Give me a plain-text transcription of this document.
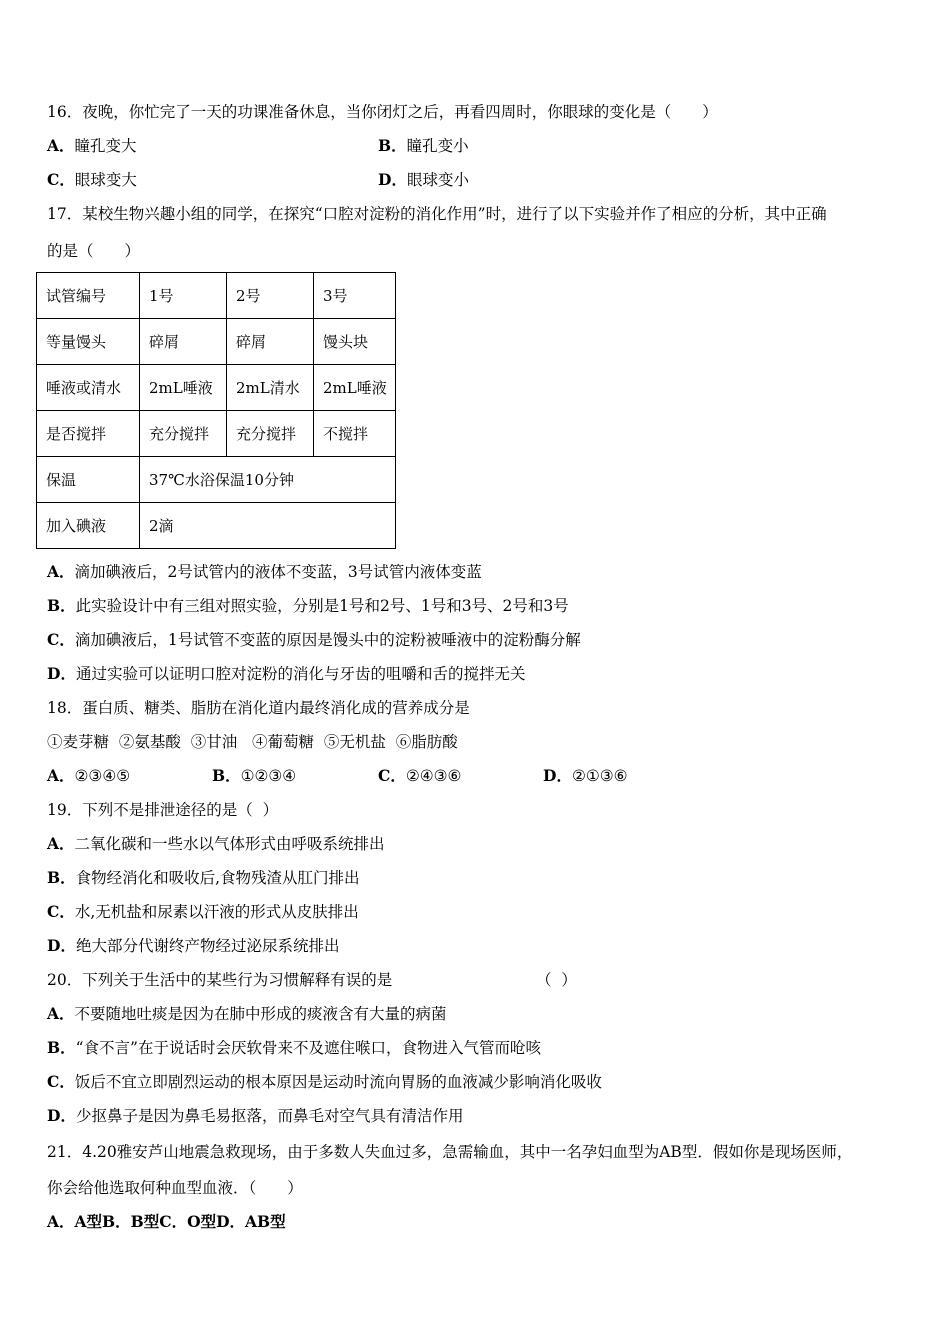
16．夜晚，你忙完了一天的功课准备休息，当你闭灯之后，再看四周时，你眼球的变化是（　　）
A．瞳孔变大	B．瞳孔变小
C．眼球变大	D．眼球变小
17．某校生物兴趣小组的同学，在探究“口腔对淀粉的消化作用”时，进行了以下实验并作了相应的分析，其中正确
的是（　　）
试管编号	1号	2号	3号
等量馒头	碎屑	碎屑	馒头块
唾液或清水	2mL唾液	2mL清水	2mL唾液
是否搅拌	充分搅拌	充分搅拌	不搅拌
保温	37℃水浴保温10分钟		
加入碘液	2滴		
A．滴加碘液后，2号试管内的液体不变蓝，3号试管内液体变蓝
B．此实验设计中有三组对照实验，分别是1号和2号、1号和3号、2号和3号
C．滴加碘液后，1号试管不变蓝的原因是馒头中的淀粉被唾液中的淀粉酶分解
D．通过实验可以证明口腔对淀粉的消化与牙齿的咀嚼和舌的搅拌无关
18．蛋白质、糖类、脂肪在消化道内最终消化成的营养成分是
①麦芽糖  ②氨基酸  ③甘油   ④葡萄糖  ⑤无机盐  ⑥脂肪酸
A．②③④⑤	B．①②③④	C．②④③⑥	D．②①③⑥
19．下列不是排泄途径的是（  ）
A．二氧化碳和一些水以气体形式由呼吸系统排出
B．食物经消化和吸收后,食物残渣从肛门排出
C．水,无机盐和尿素以汗液的形式从皮肤排出
D．绝大部分代谢终产物经过泌尿系统排出
20．下列关于生活中的某些行为习惯解释有误的是	（  ）
A．不要随地吐痰是因为在肺中形成的痰液含有大量的病菌
B．“食不言”在于说话时会厌软骨来不及遮住喉口，食物进入气管而呛咳
C．饭后不宜立即剧烈运动的根本原因是运动时流向胃肠的血液减少影响消化吸收
D．少抠鼻子是因为鼻毛易抠落，而鼻毛对空气具有清洁作用
21．4.20雅安芦山地震急救现场，由于多数人失血过多，急需输血，其中一名孕妇血型为AB型．假如你是现场医师，
你会给他选取何种血型血液．（　　）
A．A型B．B型C．O型D．AB型
